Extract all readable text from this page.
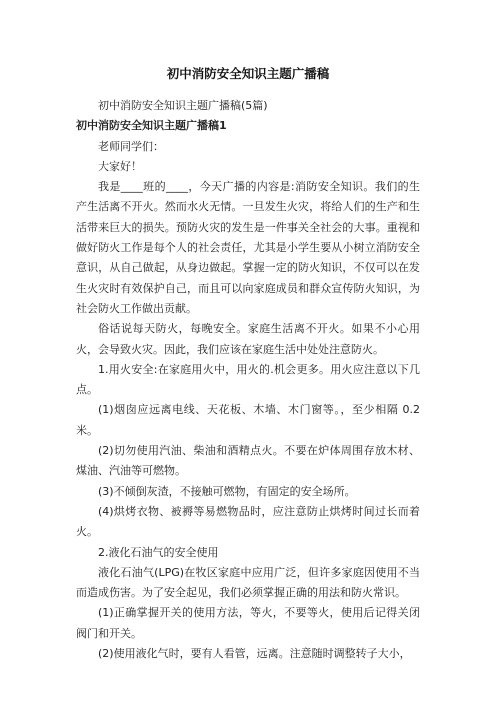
初中消防安全知识主题广播稿

初中消防安全知识主题广播稿(5篇)

初中消防安全知识主题广播稿1

老师同学们：

大家好！

我是____班的____，今天广播的内容是:消防安全知识。我们的生产生活离不开火。然而水火无情。一旦发生火灾，将给人们的生产和生活带来巨大的损失。预防火灾的发生是一件事关全社会的大事。重视和做好防火工作是每个人的社会责任，尤其是小学生要从小树立消防安全意识，从自己做起，从身边做起。掌握一定的防火知识，不仅可以在发生火灾时有效保护自己，而且可以向家庭成员和群众宣传防火知识，为社会防火工作做出贡献。

俗话说每天防火，每晚安全。家庭生活离不开火。如果不小心用火，会导致火灾。因此，我们应该在家庭生活中处处注意防火。

1.用火安全:在家庭用火中，用火的.机会更多。用火应注意以下几点。

(1)烟囱应远离电线、天花板、木墙、木门窗等。，至少相隔 0.2米。

(2)切勿使用汽油、柴油和酒精点火。不要在炉体周围存放木材、煤油、汽油等可燃物。

(3)不倾倒灰渣，不接触可燃物，有固定的安全场所。

(4)烘烤衣物、被褥等易燃物品时，应注意防止烘烤时间过长而着火。

2.液化石油气的安全使用

液化石油气(LPG)在牧区家庭中应用广泛，但许多家庭因使用不当而造成伤害。为了安全起见，我们必须掌握正确的用法和防火常识。

(1)正确掌握开关的使用方法，等火，不要等火，使用后记得关闭阀门和开关。

(2)使用液化气时，要有人看管，远离。注意随时调整转子大小，
